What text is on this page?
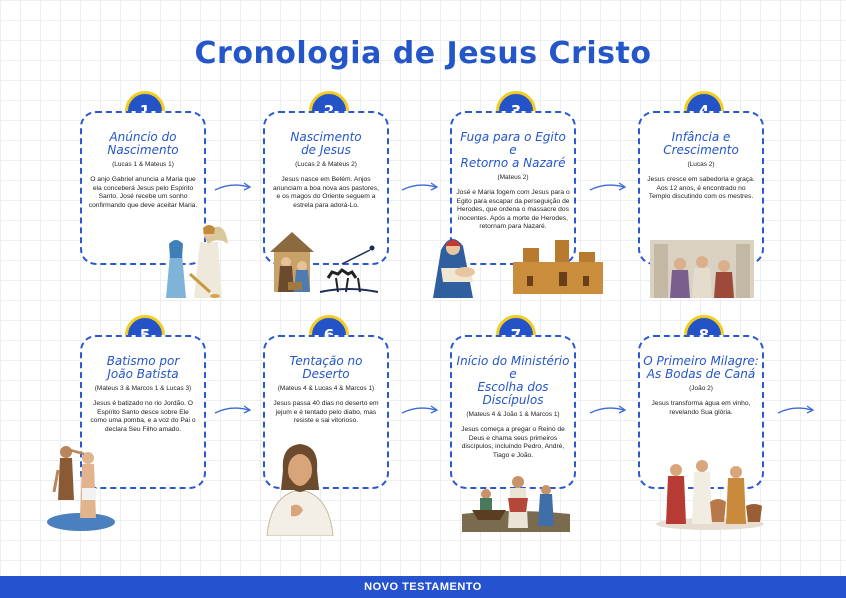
Cronologia de Jesus Cristo
Anúncio do
Nascimento
(Lucas 1 & Mateus 1)
O anjo Gabriel anuncia a Maria que ela conceberá Jesus pelo Espírito Santo. José recebe um sonho confirmando que deve aceitar Maria.
Nascimento
de Jesus
(Lucas 2 & Mateus 2)
Jesus nasce em Belém. Anjos anunciam a boa nova aos pastores, e os magos do Oriente seguem a estrela para adorá-Lo.
Fuga para o Egito e
Retorno a Nazaré
(Mateus 2)
José e Maria fogem com Jesus para o Egito para escapar da perseguição de Herodes, que ordena o massacre dos inocentes. Após a morte de Herodes, retornam para Nazaré.
Infância e
Crescimento
(Lucas 2)
Jesus cresce em sabedoria e graça. Aos 12 anos, é encontrado no Templo discutindo com os mestres.
Batismo por
João Batista
(Mateus 3 & Marcos 1 & Lucas 3)
Jesus é batizado no rio Jordão. O Espírito Santo desce sobre Ele como uma pomba, e a voz do Pai o declara Seu Filho amado.
Tentação no Deserto
(Mateus 4 & Lucas 4 & Marcos 1)
Jesus passa 40 dias no deserto em jejum e é tentado pelo diabo, mas resiste e sai vitorioso.
Início do Ministério e
Escolha dos Discípulos
(Mateus 4 & João 1 & Marcos 1)
Jesus começa a pregar o Reino de Deus e chama seus primeiros discípulos, incluindo Pedro, André, Tiago e João.
O Primeiro Milagre:
As Bodas de Caná
(João 2)
Jesus transforma água em vinho, revelando Sua glória.
NOVO TESTAMENTO
